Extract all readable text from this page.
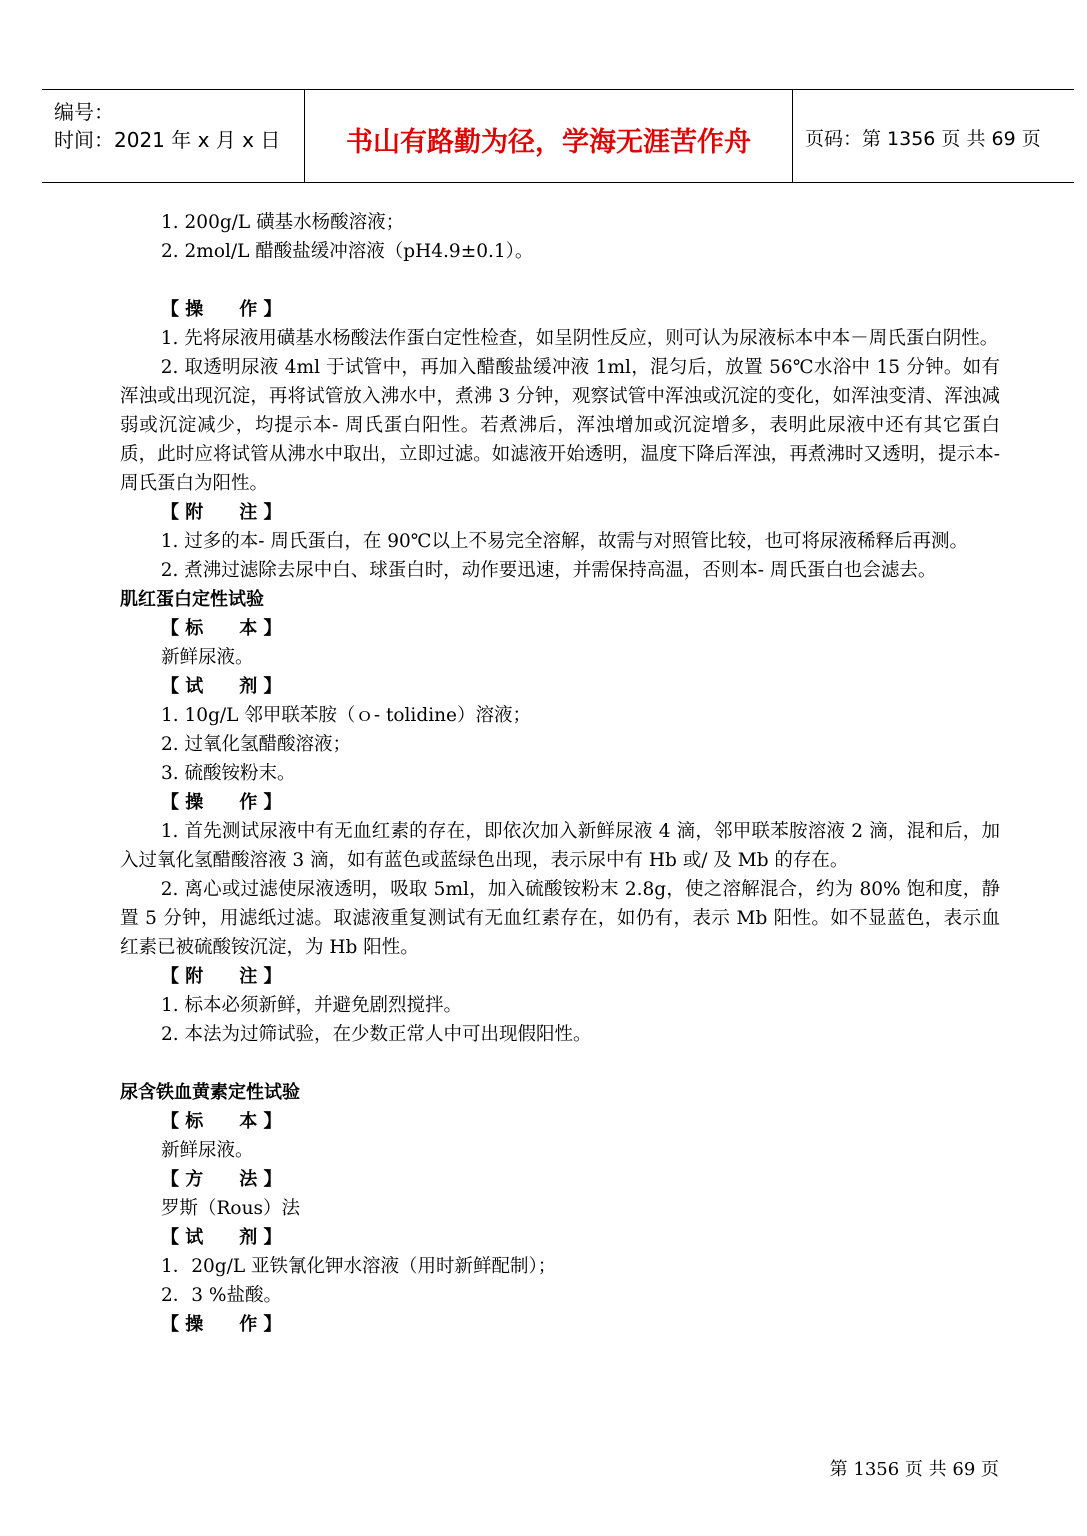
编号：
时间：2021 年 x 月 x 日	书山有路勤为径，学海无涯苦作舟	页码：第 1356 页 共 69 页

1. 200g/L 磺基水杨酸溶液；

2. 2mol/L 醋酸盐缓冲溶液（pH4.9±0.1）。

【 操　　作 】

1. 先将尿液用磺基水杨酸法作蛋白定性检查，如呈阴性反应，则可认为尿液标本中本－周氏蛋白阴性。

2. 取透明尿液 4ml 于试管中，再加入醋酸盐缓冲液 1ml，混匀后，放置 56℃水浴中 15 分钟。如有浑浊或出现沉淀，再将试管放入沸水中，煮沸 3 分钟，观察试管中浑浊或沉淀的变化，如浑浊变清、浑浊减弱或沉淀减少，均提示本- 周氏蛋白阳性。若煮沸后，浑浊增加或沉淀增多，表明此尿液中还有其它蛋白质，此时应将试管从沸水中取出，立即过滤。如滤液开始透明，温度下降后浑浊，再煮沸时又透明，提示本- 周氏蛋白为阳性。

【 附　　注 】

1. 过多的本- 周氏蛋白，在 90℃以上不易完全溶解，故需与对照管比较，也可将尿液稀释后再测。

2. 煮沸过滤除去尿中白、球蛋白时，动作要迅速，并需保持高温，否则本- 周氏蛋白也会滤去。

肌红蛋白定性试验

【 标　　本 】

新鲜尿液。

【 试　　剂 】

1. 10g/L 邻甲联苯胺（ｏ- tolidine）溶液；

2. 过氧化氢醋酸溶液；

3. 硫酸铵粉末。

【 操　　作 】

1. 首先测试尿液中有无血红素的存在，即依次加入新鲜尿液 4 滴，邻甲联苯胺溶液 2 滴，混和后，加入过氧化氢醋酸溶液 3 滴，如有蓝色或蓝绿色出现，表示尿中有 Hb 或/ 及 Mb 的存在。

2. 离心或过滤使尿液透明，吸取 5ml，加入硫酸铵粉末 2.8g，使之溶解混合，约为 80% 饱和度，静置 5 分钟，用滤纸过滤。取滤液重复测试有无血红素存在，如仍有，表示 Mb 阳性。如不显蓝色，表示血红素已被硫酸铵沉淀，为 Hb 阳性。

【 附　　注 】

1. 标本必须新鲜，并避免剧烈搅拌。

2. 本法为过筛试验，在少数正常人中可出现假阳性。

尿含铁血黄素定性试验

【 标　　本 】

新鲜尿液。

【 方　　法 】

罗斯（Rous）法

【 试　　剂 】

1．20g/L 亚铁氰化钾水溶液（用时新鲜配制）；

2．3 %盐酸。

【 操　　作 】

第 1356 页 共 69 页
